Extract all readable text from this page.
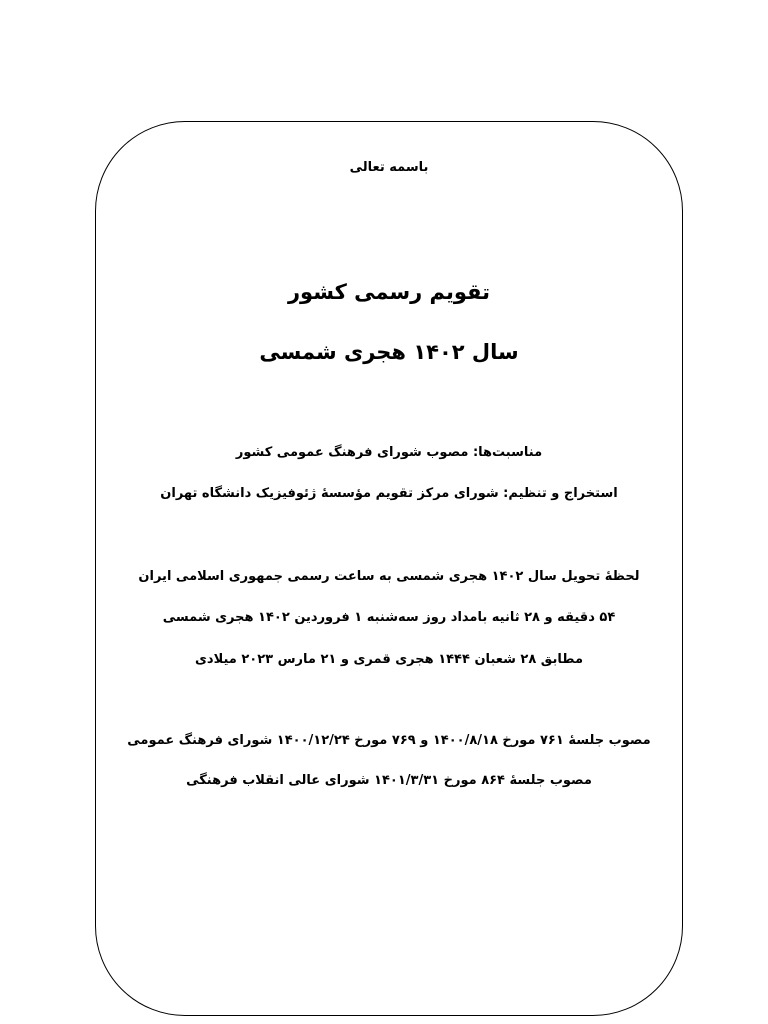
باسمه تعالی
تقویم رسمی کشور
سال ۱۴۰۲ هجری شمسی
مناسبت‌ها: مصوب شورای فرهنگ عمومی کشور
استخراج و تنظیم: شورای مرکز تقویم مؤسسهٔ ژئوفیزیک دانشگاه تهران
لحظهٔ تحویل سال ۱۴۰۲ هجری شمسی به ساعت رسمی جمهوری اسلامی ایران
۵۴ دقیقه و ۲۸ ثانیه بامداد روز سه‌شنبه ۱ فروردین ۱۴۰۲ هجری شمسی
مطابق ۲۸ شعبان ۱۴۴۴ هجری قمری و ۲۱ مارس ۲۰۲۳ میلادی
مصوب جلسهٔ ۷۶۱ مورخ ۱۴۰۰/۸/۱۸ و ۷۶۹ مورخ ۱۴۰۰/۱۲/۲۴ شورای فرهنگ عمومی
مصوب جلسهٔ ۸۶۴ مورخ ۱۴۰۱/۳/۳۱ شورای عالی انقلاب فرهنگی
